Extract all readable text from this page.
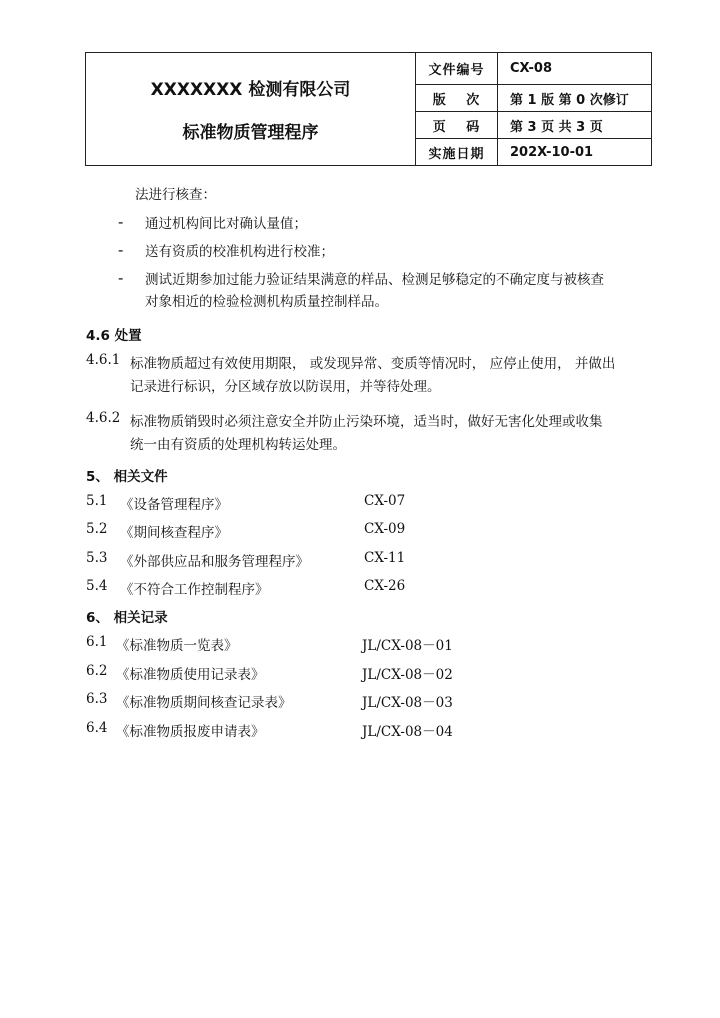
XXXXXXX 检测有限公司
标准物质管理程序	文件编号	CX-08
	版　 次	第 1 版 第 0 次修订
	页　 码	第 3 页 共 3 页
	实施日期	202X-10-01
法进行核查：
- 通过机构间比对确认量值；
- 送有资质的校准机构进行校准；
- 测试近期参加过能力验证结果满意的样品、检测足够稳定的不确定度与被核查
对象相近的检验检测机构质量控制样品。
4.6 处置
4.6.1 标准物质超过有效使用期限， 或发现异常、变质等情况时， 应停止使用， 并做出
记录进行标识，分区域存放以防误用，并等待处理。
4.6.2 标准物质销毁时必须注意安全并防止污染环境，适当时，做好无害化处理或收集
统一由有资质的处理机构转运处理。
5、 相关文件
5.1 《设备管理程序》	CX-07
5.2 《期间核查程序》	CX-09
5.3 《外部供应品和服务管理程序》	CX-11
5.4 《不符合工作控制程序》	CX-26
6、 相关记录
6.1 《标准物质一览表》	JL/CX-08－01
6.2 《标准物质使用记录表》	JL/CX-08－02
6.3 《标准物质期间核查记录表》	JL/CX-08－03
6.4 《标准物质报废申请表》	JL/CX-08－04
